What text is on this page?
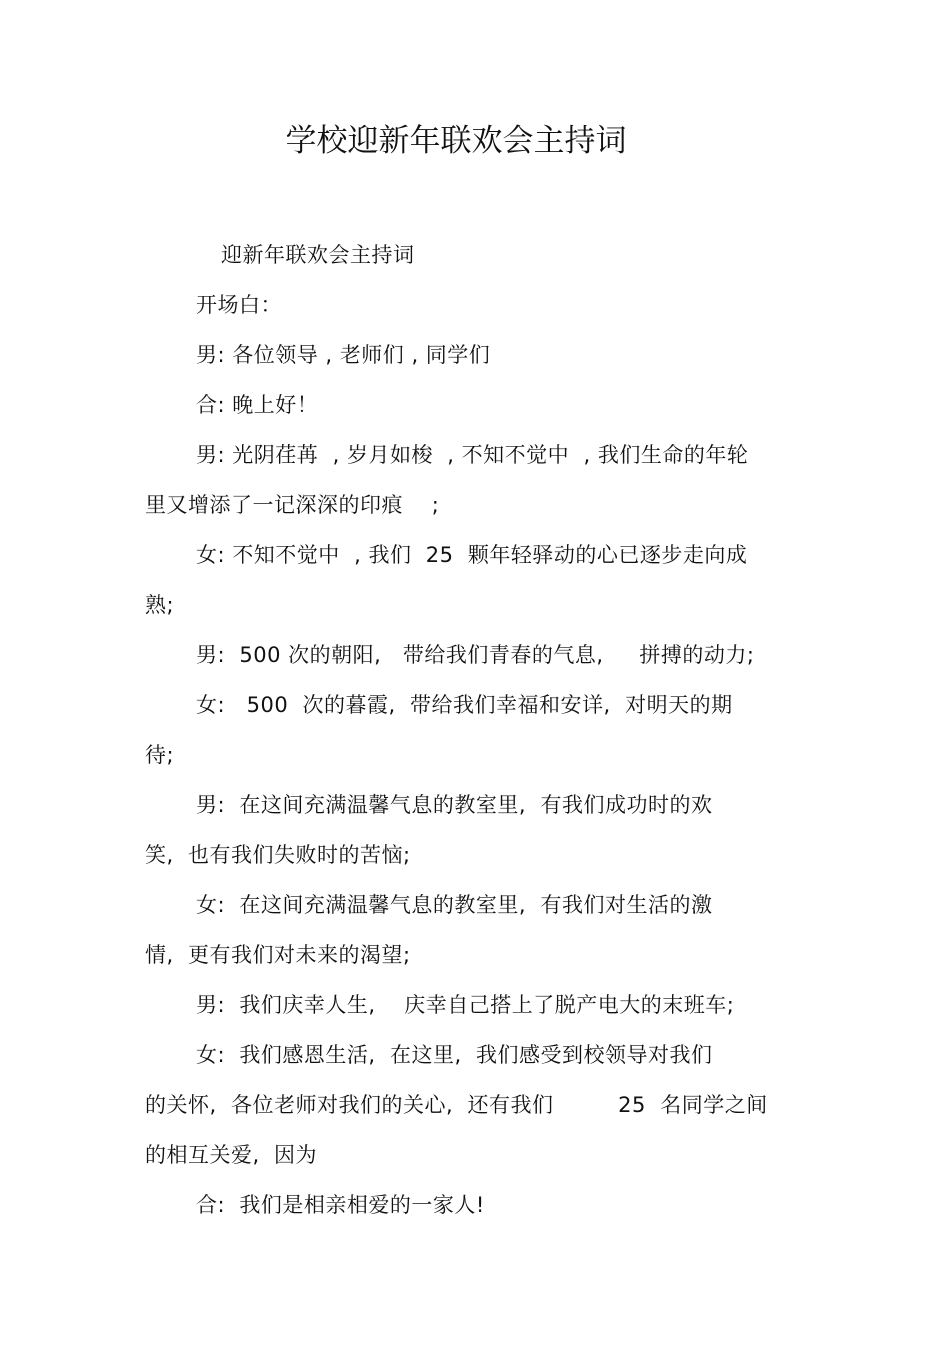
学校迎新年联欢会主持词
迎新年联欢会主持词
开场白：
男: 各位领导 , 老师们 , 同学们
合: 晚上好！
男: 光阴荏苒  , 岁月如梭  , 不知不觉中  , 我们生命的年轮
里又增添了一记深深的印痕    ;
女: 不知不觉中  , 我们  25  颗年轻驿动的心已逐步走向成
熟;
男:  500 次的朝阳,   带给我们青春的气息,     拼搏的动力;
女:   500  次的暮霞,  带给我们幸福和安详,  对明天的期
待;
男:  在这间充满温馨气息的教室里,  有我们成功时的欢
笑,  也有我们失败时的苦恼;
女:  在这间充满温馨气息的教室里,  有我们对生活的激
情,  更有我们对未来的渴望;
男:  我们庆幸人生,    庆幸自己搭上了脱产电大的末班车;
女:  我们感恩生活,  在这里,  我们感受到校领导对我们
的关怀,  各位老师对我们的关心,  还有我们         25  名同学之间
的相互关爱,  因为
合:  我们是相亲相爱的一家人!
